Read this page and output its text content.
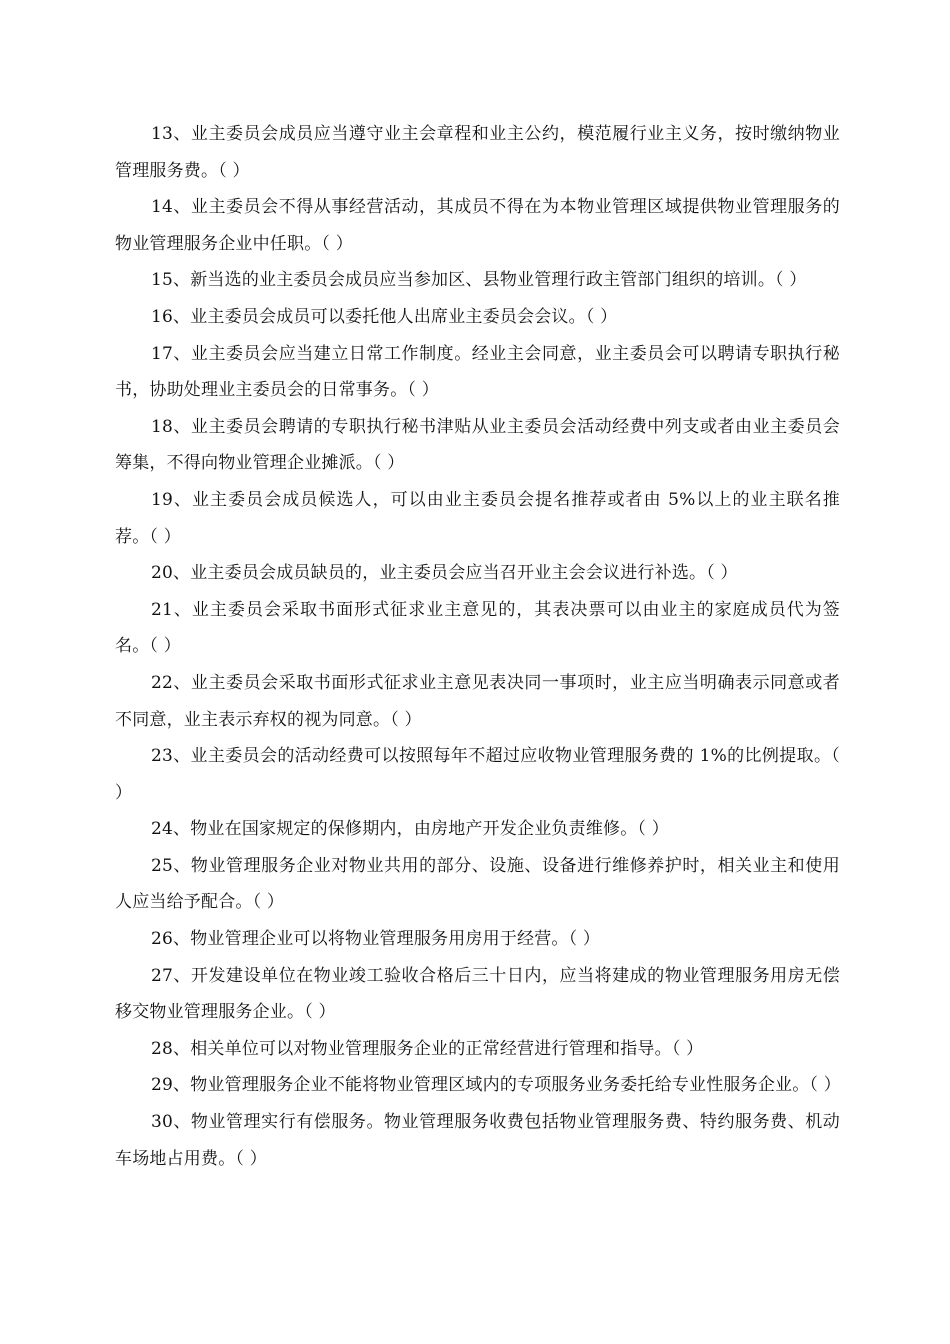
13、业主委员会成员应当遵守业主会章程和业主公约，模范履行业主义务，按时缴纳物业管理服务费。（ ）

14、业主委员会不得从事经营活动，其成员不得在为本物业管理区域提供物业管理服务的物业管理服务企业中任职。（ ）

15、新当选的业主委员会成员应当参加区、县物业管理行政主管部门组织的培训。（ ）

16、业主委员会成员可以委托他人出席业主委员会会议。（ ）

17、业主委员会应当建立日常工作制度。经业主会同意，业主委员会可以聘请专职执行秘书，协助处理业主委员会的日常事务。（ ）

18、业主委员会聘请的专职执行秘书津贴从业主委员会活动经费中列支或者由业主委员会筹集，不得向物业管理企业摊派。（ ）

19、业主委员会成员候选人，可以由业主委员会提名推荐或者由 5%以上的业主联名推荐。（ ）

20、业主委员会成员缺员的，业主委员会应当召开业主会会议进行补选。（ ）

21、业主委员会采取书面形式征求业主意见的，其表决票可以由业主的家庭成员代为签名。（ ）

22、业主委员会采取书面形式征求业主意见表决同一事项时，业主应当明确表示同意或者不同意，业主表示弃权的视为同意。（ ）

23、业主委员会的活动经费可以按照每年不超过应收物业管理服务费的 1%的比例提取。（ ）

24、物业在国家规定的保修期内，由房地产开发企业负责维修。（ ）

25、物业管理服务企业对物业共用的部分、设施、设备进行维修养护时，相关业主和使用人应当给予配合。（ ）

26、物业管理企业可以将物业管理服务用房用于经营。（ ）

27、开发建设单位在物业竣工验收合格后三十日内，应当将建成的物业管理服务用房无偿移交物业管理服务企业。（ ）

28、相关单位可以对物业管理服务企业的正常经营进行管理和指导。（ ）

29、物业管理服务企业不能将物业管理区域内的专项服务业务委托给专业性服务企业。（ ）

30、物业管理实行有偿服务。物业管理服务收费包括物业管理服务费、特约服务费、机动车场地占用费。（ ）
